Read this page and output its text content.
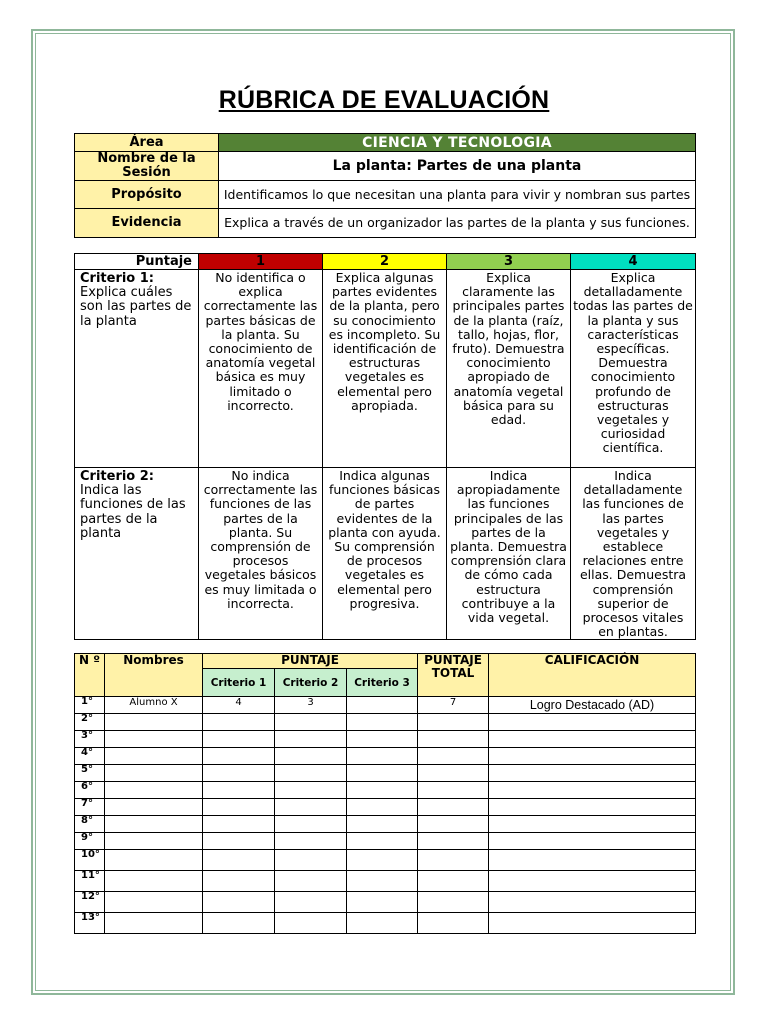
RÚBRICA DE EVALUACIÓN
Área	CIENCIA Y TECNOLOGIA
Nombre de la Sesión	La planta: Partes de una planta
Propósito	Identificamos lo que necesitan una planta para vivir y nombran sus partes
Evidencia	Explica a través de un organizador las partes de la planta y sus funciones.
Puntaje	1	2	3	4
Criterio 1:
Explica cuáles son las partes de la planta	No identifica o explica correctamente las partes básicas de la planta. Su conocimiento de anatomía vegetal básica es muy limitado o incorrecto.	Explica algunas partes evidentes de la planta, pero su conocimiento es incompleto. Su identificación de estructuras vegetales es elemental pero apropiada.	Explica claramente las principales partes de la planta (raíz, tallo, hojas, flor, fruto). Demuestra conocimiento apropiado de anatomía vegetal básica para su edad.	Explica detalladamente todas las partes de la planta y sus características específicas. Demuestra conocimiento profundo de estructuras vegetales y curiosidad científica.
Criterio 2:
Indica las funciones de las partes de la planta	No indica correctamente las funciones de las partes de la planta. Su comprensión de procesos vegetales básicos es muy limitada o incorrecta.	Indica algunas funciones básicas de partes evidentes de la planta con ayuda. Su comprensión de procesos vegetales es elemental pero progresiva.	Indica apropiadamente las funciones principales de las partes de la planta. Demuestra comprensión clara de cómo cada estructura contribuye a la vida vegetal.	Indica detalladamente las funciones de las partes vegetales y establece relaciones entre ellas. Demuestra comprensión superior de procesos vitales en plantas.
N º	Nombres	PUNTAJE			PUNTAJE TOTAL	CALIFICACIÓN
		Criterio 1	Criterio 2	Criterio 3		
1°	Alumno X	4	3		7	Logro Destacado (AD)
2°						
3°						
4°						
5°						
6°						
7°						
8°						
9°						
10°						
11°						
12°						
13°						
